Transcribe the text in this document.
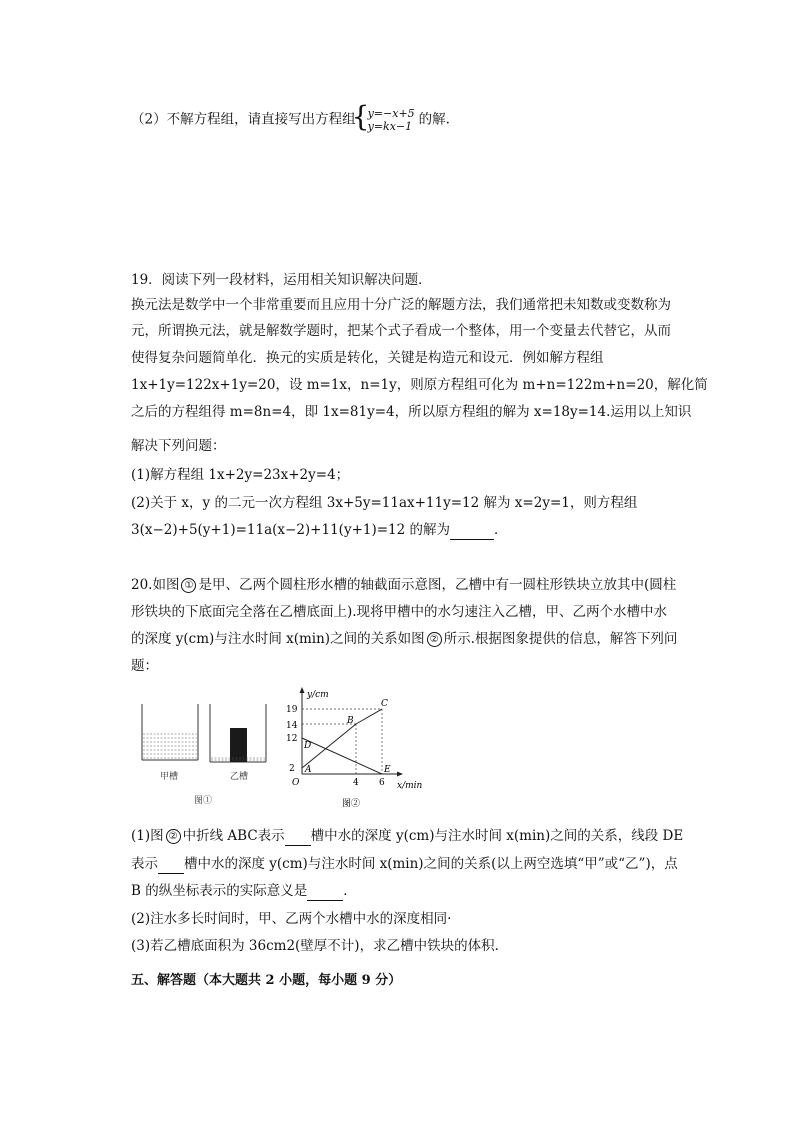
（2）不解方程组，请直接写出方程组
{
y=−x+5
y=kx−1 的解.
19．阅读下列一段材料，运用相关知识解决问题．
换元法是数学中一个非常重要而且应用十分广泛的解题方法，我们通常把未知数或变数称为
元，所谓换元法，就是解数学题时，把某个式子看成一个整体，用一个变量去代替它，从而
使得复杂问题简单化．换元的实质是转化，关键是构造元和设元．例如解方程组
1x+1y=122x+1y=20，设 m=1x，n=1y，则原方程组可化为 m+n=122m+n=20，解化简
之后的方程组得 m=8n=4，即 1x=81y=4，所以原方程组的解为 x=18y=14.运用以上知识
解决下列问题：
(1)解方程组 1x+2y=23x+2y=4；
(2)关于 x，y 的二元一次方程组 3x+5y=11ax+11y=12 解为 x=2y=1，则方程组
3(x−2)+5(y+1)=11a(x−2)+11(y+1)=12 的解为	．
20.如图 ① 是甲、乙两个圆柱形水槽的轴截面示意图，乙槽中有一圆柱形铁块立放其中(圆柱
形铁块的下底面完全落在乙槽底面上).现将甲槽中的水匀速注入乙槽，甲、乙两个水槽中水
的深度 y(cm)与注水时间 x(min)之间的关系如图 ② 所示.根据图象提供的信息，解答下列问
题：
甲槽	乙槽
图①
y/cm
x/min
O
2
12
14
19
4 6
A
B
C
D
E
图②
(1)图 ② 中折线 ABC表示 槽中水的深度 y(cm)与注水时间 x(min)之间的关系，线段 DE
表示 槽中水的深度 y(cm)与注水时间 x(min)之间的关系(以上两空选填“甲”或“乙”)，点
B 的纵坐标表示的实际意义是	．
(2)注水多长时间时，甲、乙两个水槽中水的深度相同·
(3)若乙槽底面积为 36cm2(壁厚不计)，求乙槽中铁块的体积．
五、解答题（本大题共 2 小题，每小题 9 分）
